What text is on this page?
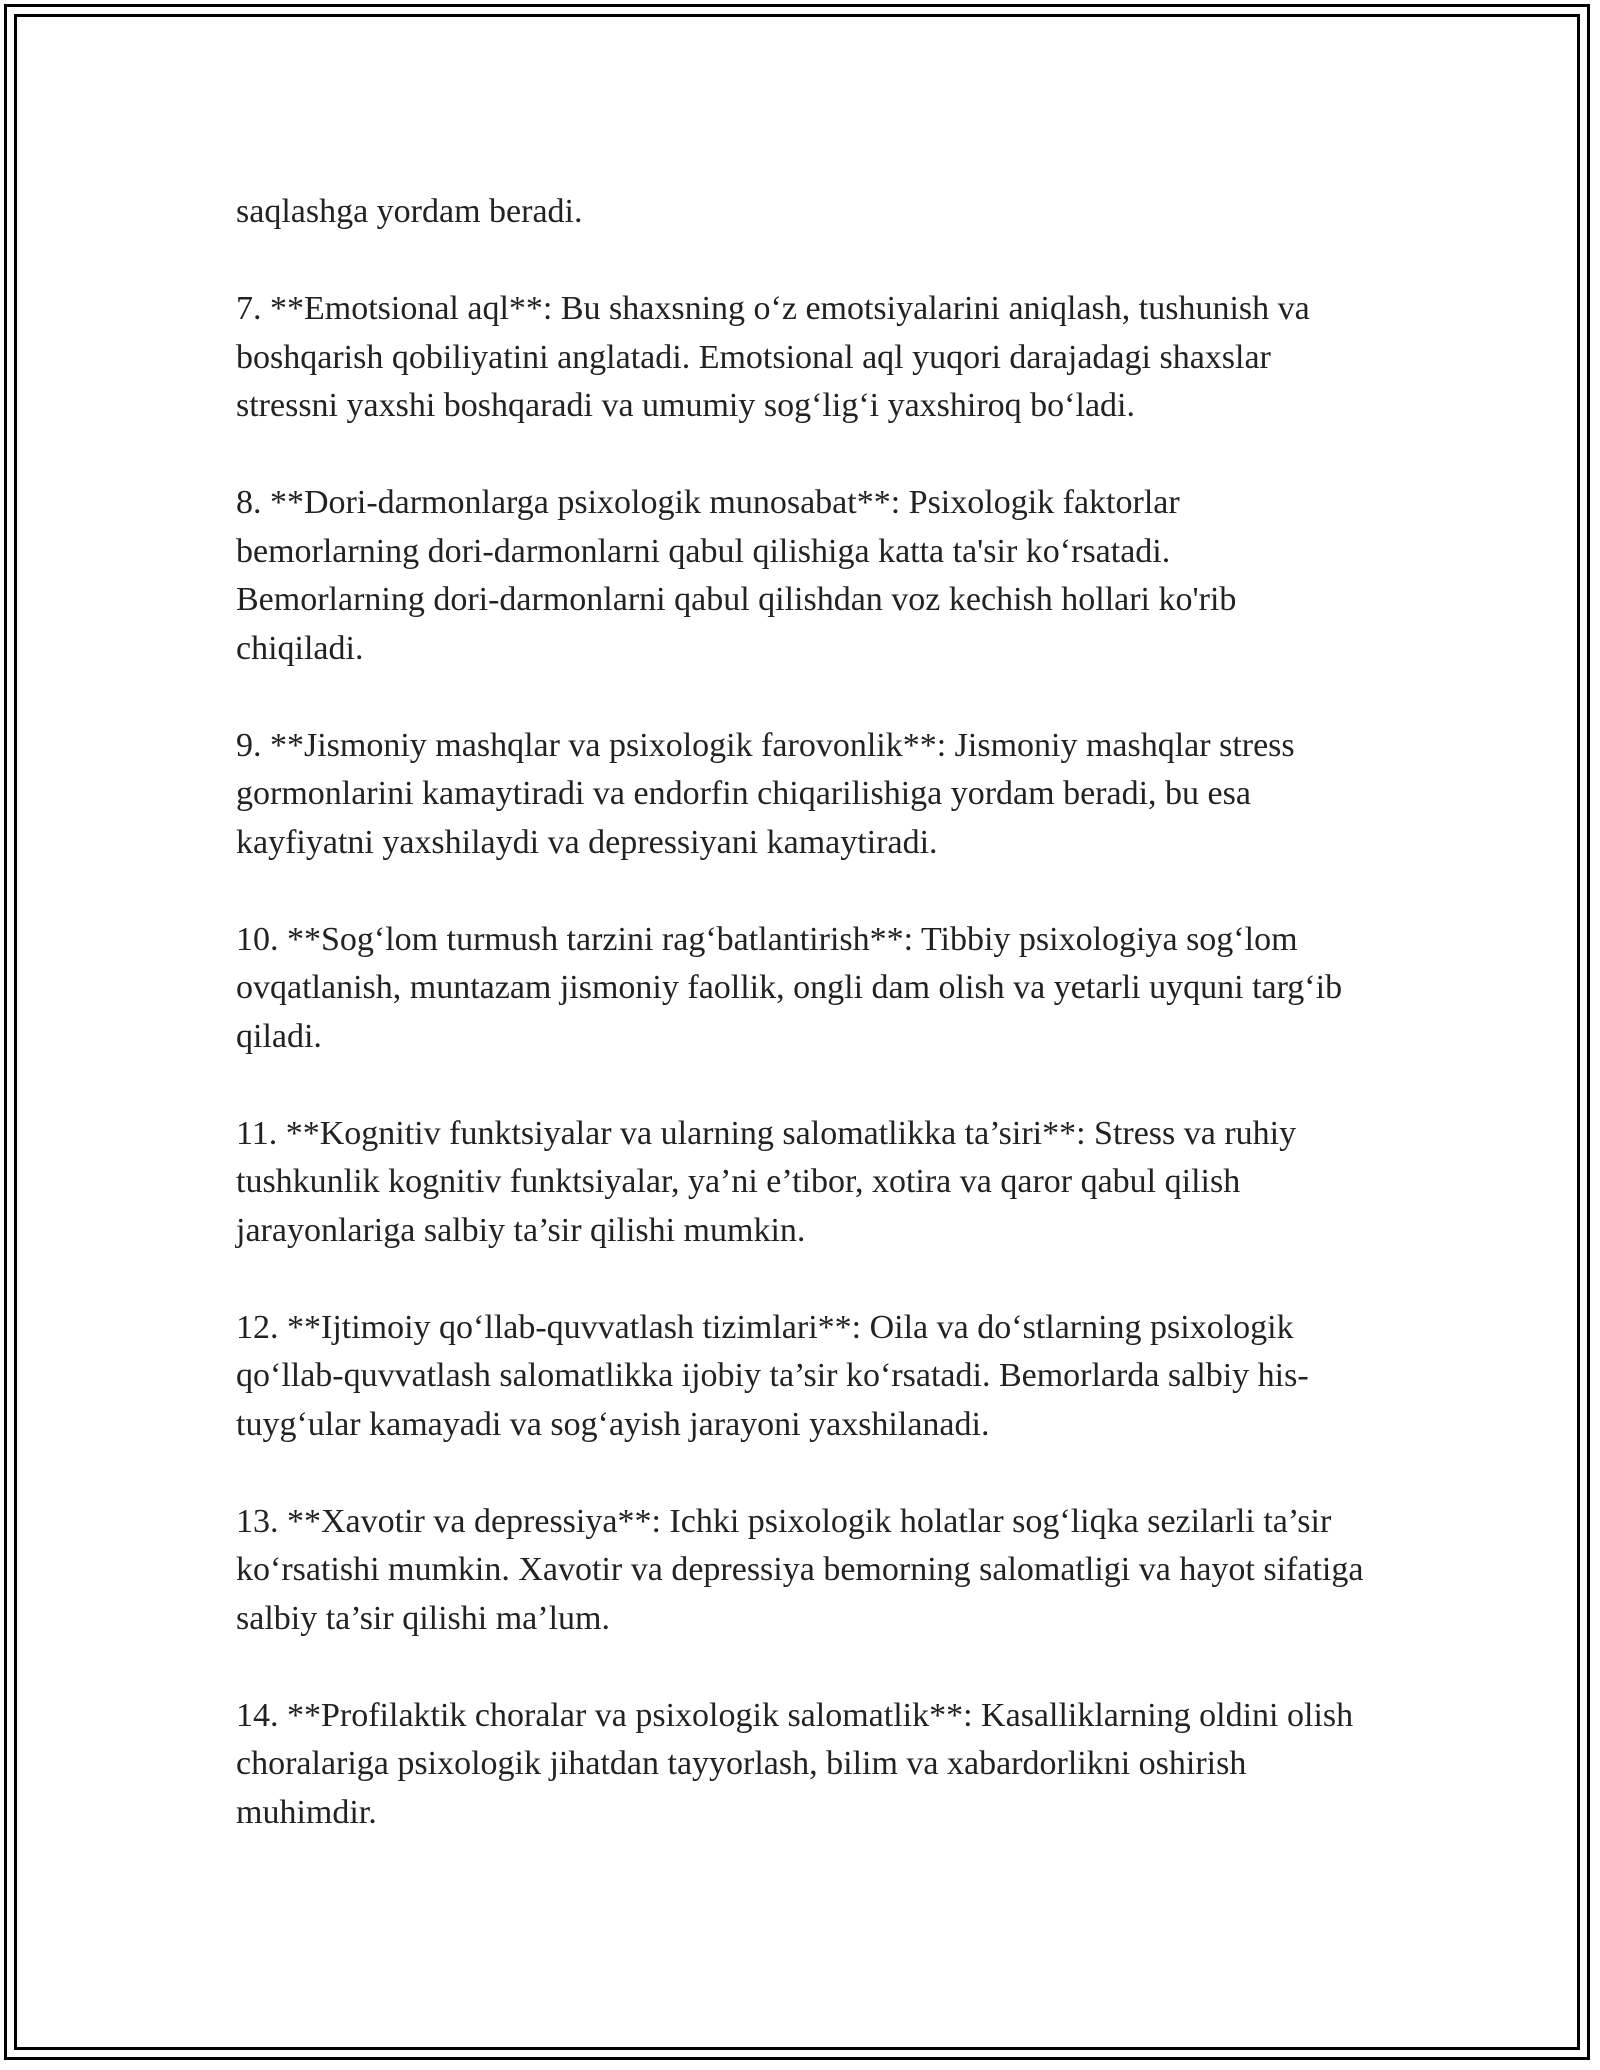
saqlashga yordam beradi.

7. **Emotsional aql**: Bu shaxsning o‘z emotsiyalarini aniqlash, tushunish va boshqarish qobiliyatini anglatadi. Emotsional aql yuqori darajadagi shaxslar stressni yaxshi boshqaradi va umumiy sog‘lig‘i yaxshiroq bo‘ladi.

8. **Dori-darmonlarga psixologik munosabat**: Psixologik faktorlar bemorlarning dori-darmonlarni qabul qilishiga katta ta'sir ko‘rsatadi. Bemorlarning dori-darmonlarni qabul qilishdan voz kechish hollari ko'rib chiqiladi.

9. **Jismoniy mashqlar va psixologik farovonlik**: Jismoniy mashqlar stress gormonlarini kamaytiradi va endorfin chiqarilishiga yordam beradi, bu esa kayfiyatni yaxshilaydi va depressiyani kamaytiradi.

10. **Sog‘lom turmush tarzini rag‘batlantirish**: Tibbiy psixologiya sog‘lom ovqatlanish, muntazam jismoniy faollik, ongli dam olish va yetarli uyquni targ‘ib qiladi.

11. **Kognitiv funktsiyalar va ularning salomatlikka ta’siri**: Stress va ruhiy tushkunlik kognitiv funktsiyalar, ya’ni e’tibor, xotira va qaror qabul qilish jarayonlariga salbiy ta’sir qilishi mumkin.

12. **Ijtimoiy qo‘llab-quvvatlash tizimlari**: Oila va do‘stlarning psixologik qo‘llab-quvvatlash salomatlikka ijobiy ta’sir ko‘rsatadi. Bemorlarda salbiy his-tuyg‘ular kamayadi va sog‘ayish jarayoni yaxshilanadi.

13. **Xavotir va depressiya**: Ichki psixologik holatlar sog‘liqka sezilarli ta’sir ko‘rsatishi mumkin. Xavotir va depressiya bemorning salomatligi va hayot sifatiga salbiy ta’sir qilishi ma’lum.

14. **Profilaktik choralar va psixologik salomatlik**: Kasalliklarning oldini olish choralariga psixologik jihatdan tayyorlash, bilim va xabardorlikni oshirish muhimdir.
